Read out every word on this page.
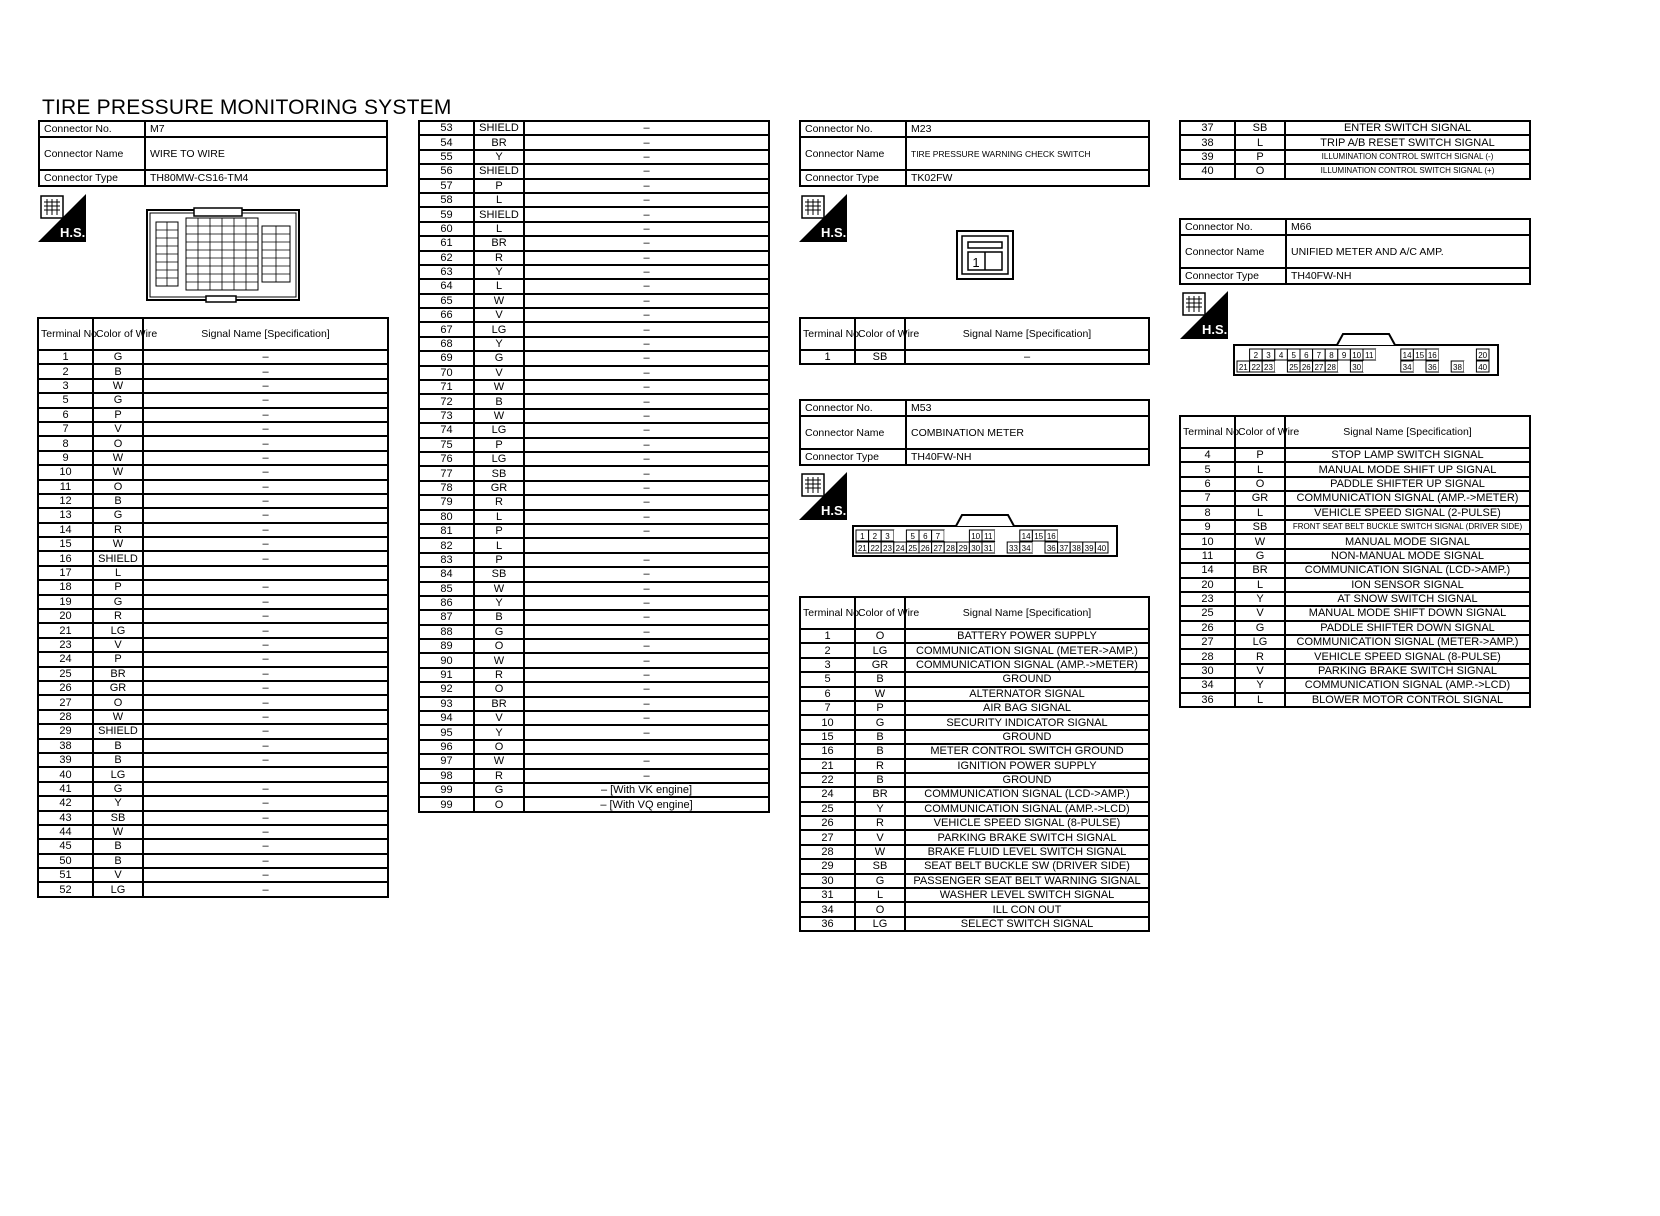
TIRE PRESSURE MONITORING SYSTEM
Connector No.	M7
Connector Name	WIRE TO WIRE
Connector Type	TH80MW-CS16-TM4
H.S.
Terminal No.	Color of Wire	Signal Name [Specification]
1	G	–
2	B	–
3	W	–
5	G	–
6	P	–
7	V	–
8	O	–
9	W	–
10	W	–
11	O	–
12	B	–
13	G	–
14	R	–
15	W	–
16	SHIELD	–
17	L	
18	P	–
19	G	–
20	R	–
21	LG	–
23	V	–
24	P	–
25	BR	–
26	GR	–
27	O	–
28	W	–
29	SHIELD	–
38	B	–
39	B	–
40	LG	
41	G	–
42	Y	–
43	SB	–
44	W	–
45	B	–
50	B	–
51	V	–
52	LG	–
53	SHIELD	–
54	BR	–
55	Y	–
56	SHIELD	–
57	P	–
58	L	–
59	SHIELD	–
60	L	–
61	BR	–
62	R	–
63	Y	–
64	L	–
65	W	–
66	V	–
67	LG	–
68	Y	–
69	G	–
70	V	–
71	W	–
72	B	–
73	W	–
74	LG	–
75	P	–
76	LG	–
77	SB	–
78	GR	–
79	R	–
80	L	–
81	P	–
82	L	
83	P	–
84	SB	–
85	W	–
86	Y	–
87	B	–
88	G	–
89	O	–
90	W	–
91	R	–
92	O	–
93	BR	–
94	V	–
95	Y	–
96	O	
97	W	–
98	R	–
99	G	– [With VK engine]
99	O	– [With VQ engine]
Connector No.	M23
Connector Name	TIRE PRESSURE WARNING CHECK SWITCH
Connector Type	TK02FW
H.S.
1
Terminal No.	Color of Wire	Signal Name [Specification]
1	SB	–
Connector No.	M53
Connector Name	COMBINATION METER
Connector Type	TH40FW-NH
H.S.
1 2 3	5 6 7	10 11	14 15 16
21 22 23 24 25 26 27 28 29 30 31 33 34 36 37 38 39 40
Terminal No.	Color of Wire	Signal Name [Specification]
1	O	BATTERY POWER SUPPLY
2	LG	COMMUNICATION SIGNAL (METER->AMP.)
3	GR	COMMUNICATION SIGNAL (AMP.->METER)
5	B	GROUND
6	W	ALTERNATOR SIGNAL
7	P	AIR BAG SIGNAL
10	G	SECURITY INDICATOR SIGNAL
15	B	GROUND
16	B	METER CONTROL SWITCH GROUND
21	R	IGNITION POWER SUPPLY
22	B	GROUND
24	BR	COMMUNICATION SIGNAL (LCD->AMP.)
25	Y	COMMUNICATION SIGNAL (AMP.->LCD)
26	R	VEHICLE SPEED SIGNAL (8-PULSE)
27	V	PARKING BRAKE SWITCH SIGNAL
28	W	BRAKE FLUID LEVEL SWITCH SIGNAL
29	SB	SEAT BELT BUCKLE SW (DRIVER SIDE)
30	G	PASSENGER SEAT BELT WARNING SIGNAL
31	L	WASHER LEVEL SWITCH SIGNAL
34	O	ILL CON OUT
36	LG	SELECT SWITCH SIGNAL
37	SB	ENTER SWITCH SIGNAL
38	L	TRIP A/B RESET SWITCH SIGNAL
39	P	ILLUMINATION CONTROL SWITCH SIGNAL (-)
40	O	ILLUMINATION CONTROL SWITCH SIGNAL (+)
Connector No.	M66
Connector Name	UNIFIED METER AND A/C AMP.
Connector Type	TH40FW-NH
H.S.
2 3 4 5 6 7 8 9 10 11	14 15 16	20
21 22 23 25 26 27 28 30	34 36 38 40
Terminal No.	Color of Wire	Signal Name [Specification]
4	P	STOP LAMP SWITCH SIGNAL
5	L	MANUAL MODE SHIFT UP SIGNAL
6	O	PADDLE SHIFTER UP SIGNAL
7	GR	COMMUNICATION SIGNAL (AMP.->METER)
8	L	VEHICLE SPEED SIGNAL (2-PULSE)
9	SB	FRONT SEAT BELT BUCKLE SWITCH SIGNAL (DRIVER SIDE)
10	W	MANUAL MODE SIGNAL
11	G	NON-MANUAL MODE SIGNAL
14	BR	COMMUNICATION SIGNAL (LCD->AMP.)
20	L	ION SENSOR SIGNAL
23	Y	AT SNOW SWITCH SIGNAL
25	V	MANUAL MODE SHIFT DOWN SIGNAL
26	G	PADDLE SHIFTER DOWN SIGNAL
27	LG	COMMUNICATION SIGNAL (METER->AMP.)
28	R	VEHICLE SPEED SIGNAL (8-PULSE)
30	V	PARKING BRAKE SWITCH SIGNAL
34	Y	COMMUNICATION SIGNAL (AMP.->LCD)
36	L	BLOWER MOTOR CONTROL SIGNAL
